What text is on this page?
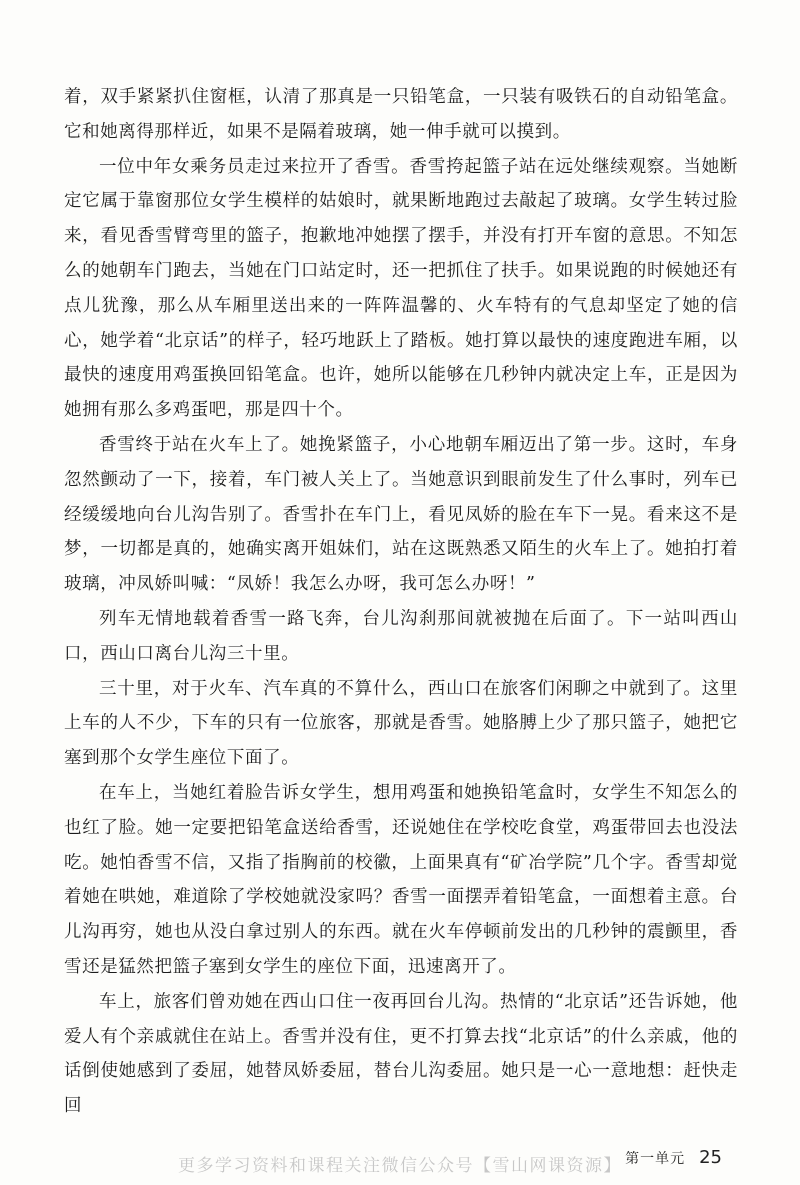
着，双手紧紧扒住窗框，认清了那真是一只铅笔盒，一只装有吸铁石的自动铅笔盒。它和她离得那样近，如果不是隔着玻璃，她一伸手就可以摸到。

一位中年女乘务员走过来拉开了香雪。香雪挎起篮子站在远处继续观察。当她断定它属于靠窗那位女学生模样的姑娘时，就果断地跑过去敲起了玻璃。女学生转过脸来，看见香雪臂弯里的篮子，抱歉地冲她摆了摆手，并没有打开车窗的意思。不知怎么的她朝车门跑去，当她在门口站定时，还一把抓住了扶手。如果说跑的时候她还有点儿犹豫，那么从车厢里送出来的一阵阵温馨的、火车特有的气息却坚定了她的信心，她学着“北京话”的样子，轻巧地跃上了踏板。她打算以最快的速度跑进车厢，以最快的速度用鸡蛋换回铅笔盒。也许，她所以能够在几秒钟内就决定上车，正是因为她拥有那么多鸡蛋吧，那是四十个。

香雪终于站在火车上了。她挽紧篮子，小心地朝车厢迈出了第一步。这时，车身忽然颤动了一下，接着，车门被人关上了。当她意识到眼前发生了什么事时，列车已经缓缓地向台儿沟告别了。香雪扑在车门上，看见凤娇的脸在车下一晃。看来这不是梦，一切都是真的，她确实离开姐妹们，站在这既熟悉又陌生的火车上了。她拍打着玻璃，冲凤娇叫喊：“凤娇！我怎么办呀，我可怎么办呀！”

列车无情地载着香雪一路飞奔，台儿沟刹那间就被抛在后面了。下一站叫西山口，西山口离台儿沟三十里。

三十里，对于火车、汽车真的不算什么，西山口在旅客们闲聊之中就到了。这里上车的人不少，下车的只有一位旅客，那就是香雪。她胳膊上少了那只篮子，她把它塞到那个女学生座位下面了。

在车上，当她红着脸告诉女学生，想用鸡蛋和她换铅笔盒时，女学生不知怎么的也红了脸。她一定要把铅笔盒送给香雪，还说她住在学校吃食堂，鸡蛋带回去也没法吃。她怕香雪不信，又指了指胸前的校徽，上面果真有“矿冶学院”几个字。香雪却觉着她在哄她，难道除了学校她就没家吗？香雪一面摆弄着铅笔盒，一面想着主意。台儿沟再穷，她也从没白拿过别人的东西。就在火车停顿前发出的几秒钟的震颤里，香雪还是猛然把篮子塞到女学生的座位下面，迅速离开了。

车上，旅客们曾劝她在西山口住一夜再回台儿沟。热情的“北京话”还告诉她，他爱人有个亲戚就住在站上。香雪并没有住，更不打算去找“北京话”的什么亲戚，他的话倒使她感到了委屈，她替凤娇委屈，替台儿沟委屈。她只是一心一意地想：赶快走回

第一单元 25
更多学习资料和课程关注微信公众号【雪山网课资源】
